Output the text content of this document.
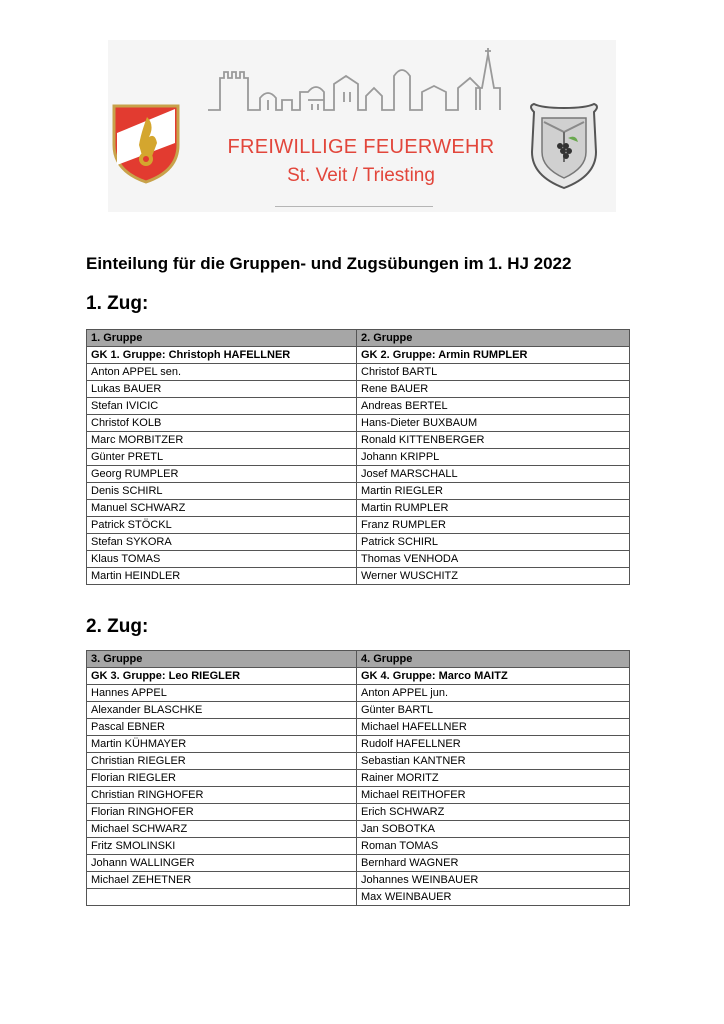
FREIWILLIGE FEUERWEHR
St. Veit / Triesting
Einteilung für die Gruppen- und Zugsübungen im 1. HJ 2022
1. Zug:
1. Gruppe	2. Gruppe
GK 1. Gruppe: Christoph HAFELLNER	GK 2. Gruppe: Armin RUMPLER
Anton APPEL sen.	Christof BARTL
Lukas BAUER	Rene BAUER
Stefan IVICIC	Andreas BERTEL
Christof KOLB	Hans-Dieter BUXBAUM
Marc MORBITZER	Ronald KITTENBERGER
Günter PRETL	Johann KRIPPL
Georg RUMPLER	Josef MARSCHALL
Denis SCHIRL	Martin RIEGLER
Manuel SCHWARZ	Martin RUMPLER
Patrick STÖCKL	Franz RUMPLER
Stefan SYKORA	Patrick SCHIRL
Klaus TOMAS	Thomas VENHODA
Martin HEINDLER	Werner WUSCHITZ
2. Zug:
3. Gruppe	4. Gruppe
GK 3. Gruppe: Leo RIEGLER	GK 4. Gruppe: Marco MAITZ
Hannes APPEL	Anton APPEL jun.
Alexander BLASCHKE	Günter BARTL
Pascal EBNER	Michael HAFELLNER
Martin KÜHMAYER	Rudolf HAFELLNER
Christian RIEGLER	Sebastian KANTNER
Florian RIEGLER	Rainer MORITZ
Christian RINGHOFER	Michael REITHOFER
Florian RINGHOFER	Erich SCHWARZ
Michael SCHWARZ	Jan SOBOTKA
Fritz SMOLINSKI	Roman TOMAS
Johann WALLINGER	Bernhard WAGNER
Michael ZEHETNER	Johannes WEINBAUER
	Max WEINBAUER
